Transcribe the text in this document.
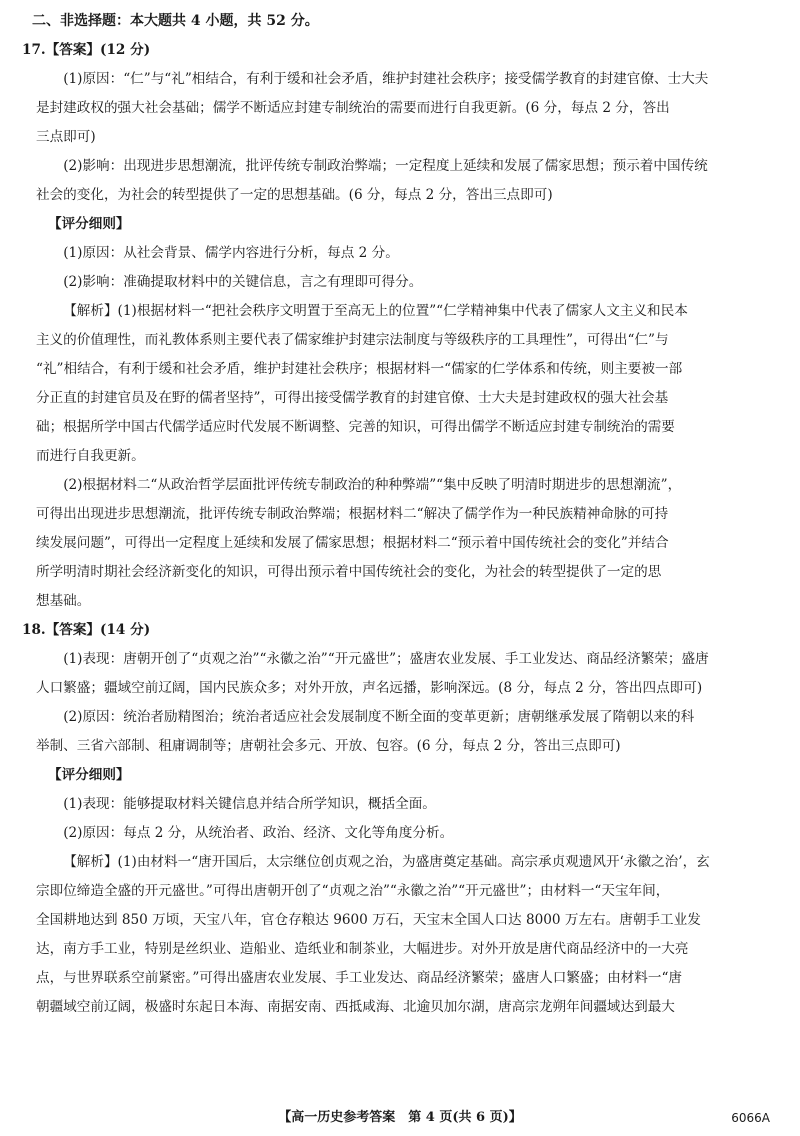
二、非选择题：本大题共 4 小题，共 52 分。
17.【答案】(12 分)
(1)原因：“仁”与“礼”相结合，有利于缓和社会矛盾，维护封建社会秩序；接受儒学教育的封建官僚、士大夫
是封建政权的强大社会基础；儒学不断适应封建专制统治的需要而进行自我更新。(6 分，每点 2 分，答出
三点即可)
(2)影响：出现进步思想潮流，批评传统专制政治弊端；一定程度上延续和发展了儒家思想；预示着中国传统
社会的变化，为社会的转型提供了一定的思想基础。(6 分，每点 2 分，答出三点即可)
【评分细则】
(1)原因：从社会背景、儒学内容进行分析，每点 2 分。
(2)影响：准确提取材料中的关键信息，言之有理即可得分。
【解析】(1)根据材料一“把社会秩序文明置于至高无上的位置”“仁学精神集中代表了儒家人文主义和民本
主义的价值理性，而礼教体系则主要代表了儒家维护封建宗法制度与等级秩序的工具理性”，可得出“仁”与
“礼”相结合，有利于缓和社会矛盾，维护封建社会秩序；根据材料一“儒家的仁学体系和传统，则主要被一部
分正直的封建官员及在野的儒者坚持”，可得出接受儒学教育的封建官僚、士大夫是封建政权的强大社会基
础；根据所学中国古代儒学适应时代发展不断调整、完善的知识，可得出儒学不断适应封建专制统治的需要
而进行自我更新。
(2)根据材料二“从政治哲学层面批评传统专制政治的种种弊端”“集中反映了明清时期进步的思想潮流”，
可得出出现进步思想潮流，批评传统专制政治弊端；根据材料二“解决了儒学作为一种民族精神命脉的可持
续发展问题”，可得出一定程度上延续和发展了儒家思想；根据材料二“预示着中国传统社会的变化”并结合
所学明清时期社会经济新变化的知识，可得出预示着中国传统社会的变化，为社会的转型提供了一定的思
想基础。
18.【答案】(14 分)
(1)表现：唐朝开创了“贞观之治”“永徽之治”“开元盛世”；盛唐农业发展、手工业发达、商品经济繁荣；盛唐
人口繁盛；疆域空前辽阔，国内民族众多；对外开放，声名远播，影响深远。(8 分，每点 2 分，答出四点即可)
(2)原因：统治者励精图治；统治者适应社会发展制度不断全面的变革更新；唐朝继承发展了隋朝以来的科
举制、三省六部制、租庸调制等；唐朝社会多元、开放、包容。(6 分，每点 2 分，答出三点即可)
【评分细则】
(1)表现：能够提取材料关键信息并结合所学知识，概括全面。
(2)原因：每点 2 分，从统治者、政治、经济、文化等角度分析。
【解析】(1)由材料一“唐开国后，太宗继位创贞观之治，为盛唐奠定基础。高宗承贞观遗风开‘永徽之治’，玄
宗即位缔造全盛的开元盛世。”可得出唐朝开创了“贞观之治”“永徽之治”“开元盛世”；由材料一“天宝年间，
全国耕地达到 850 万顷，天宝八年，官仓存粮达 9600 万石，天宝末全国人口达 8000 万左右。唐朝手工业发
达，南方手工业，特别是丝织业、造船业、造纸业和制茶业，大幅进步。对外开放是唐代商品经济中的一大亮
点，与世界联系空前紧密。”可得出盛唐农业发展、手工业发达、商品经济繁荣；盛唐人口繁盛；由材料一“唐
朝疆域空前辽阔，极盛时东起日本海、南据安南、西抵咸海、北逾贝加尔湖，唐高宗龙朔年间疆域达到最大
【高一历史参考答案　第 4 页(共 6 页)】	6066A
